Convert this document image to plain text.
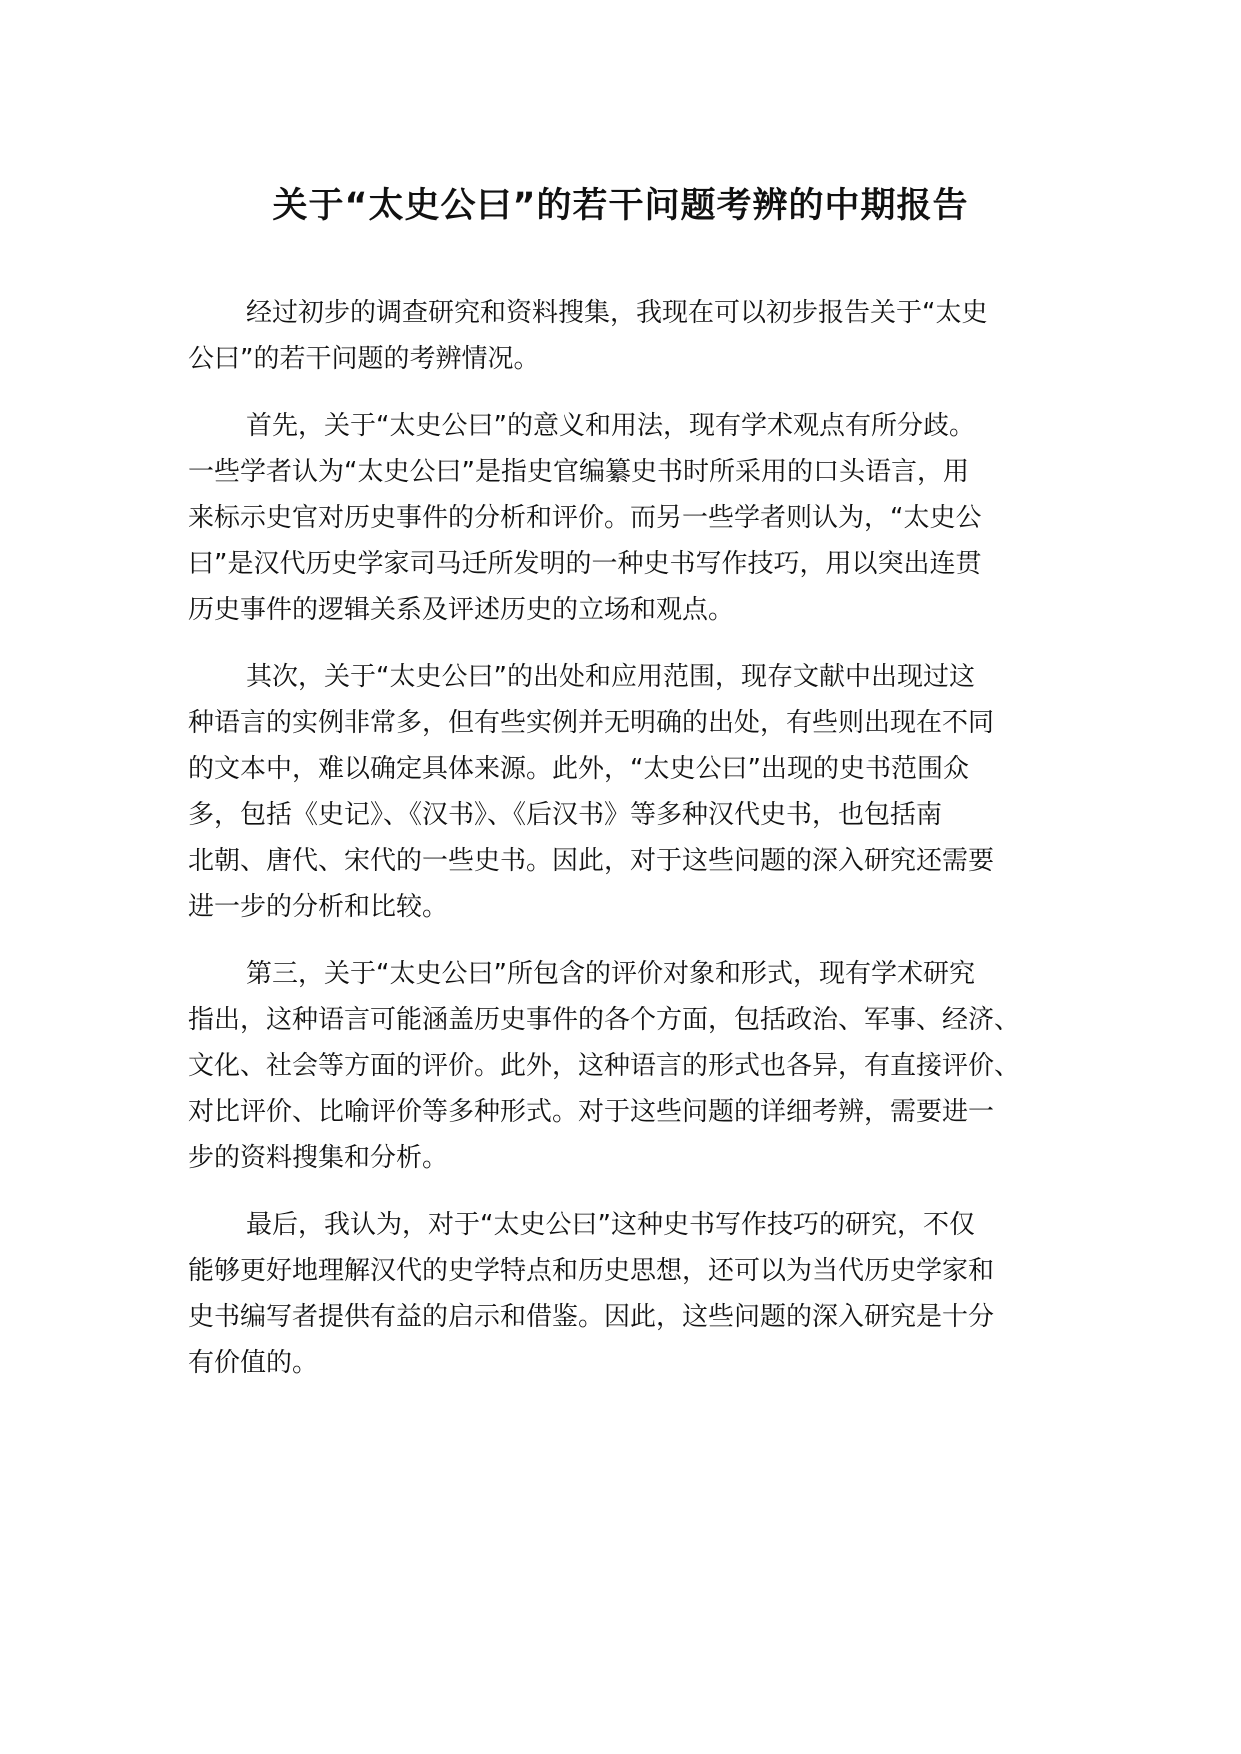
关于“太史公曰”的若干问题考辨的中期报告

经过初步的调查研究和资料搜集，我现在可以初步报告关于“太史
公曰”的若干问题的考辨情况。

首先，关于“太史公曰”的意义和用法，现有学术观点有所分歧。
一些学者认为“太史公曰”是指史官编纂史书时所采用的口头语言，用
来标示史官对历史事件的分析和评价。而另一些学者则认为，“太史公
曰”是汉代历史学家司马迁所发明的一种史书写作技巧，用以突出连贯
历史事件的逻辑关系及评述历史的立场和观点。

其次，关于“太史公曰”的出处和应用范围，现存文献中出现过这
种语言的实例非常多，但有些实例并无明确的出处，有些则出现在不同
的文本中，难以确定具体来源。此外，“太史公曰”出现的史书范围众
多，包括《史记》、《汉书》、《后汉书》等多种汉代史书，也包括南
北朝、唐代、宋代的一些史书。因此，对于这些问题的深入研究还需要
进一步的分析和比较。

第三，关于“太史公曰”所包含的评价对象和形式，现有学术研究
指出，这种语言可能涵盖历史事件的各个方面，包括政治、军事、经济、
文化、社会等方面的评价。此外，这种语言的形式也各异，有直接评价、
对比评价、比喻评价等多种形式。对于这些问题的详细考辨，需要进一
步的资料搜集和分析。

最后，我认为，对于“太史公曰”这种史书写作技巧的研究，不仅
能够更好地理解汉代的史学特点和历史思想，还可以为当代历史学家和
史书编写者提供有益的启示和借鉴。因此，这些问题的深入研究是十分
有价值的。
